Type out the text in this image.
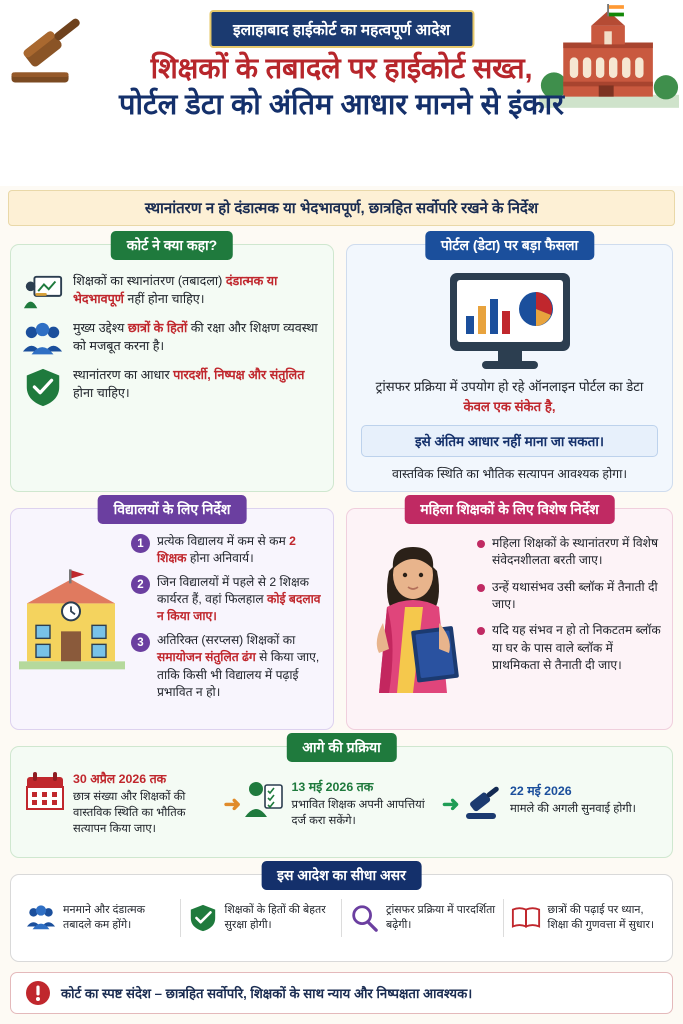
इलाहाबाद हाईकोर्ट का महत्वपूर्ण आदेश
शिक्षकों के तबादले पर हाईकोर्ट सख्त,
पोर्टल डेटा को अंतिम आधार मानने से इंकार
स्थानांतरण न हो दंडात्मक या भेदभावपूर्ण, छात्रहित सर्वोपरि रखने के निर्देश
कोर्ट ने क्या कहा?
शिक्षकों का स्थानांतरण (तबादला) दंडात्मक या भेदभावपूर्ण नहीं होना चाहिए।
मुख्य उद्देश्य छात्रों के हितों की रक्षा और शिक्षण व्यवस्था को मजबूत करना है।
स्थानांतरण का आधार पारदर्शी, निष्पक्ष और संतुलित होना चाहिए।
पोर्टल (डेटा) पर बड़ा फैसला
ट्रांसफर प्रक्रिया में उपयोग हो रहे ऑनलाइन पोर्टल का डेटा केवल एक संकेत है,
इसे अंतिम आधार नहीं माना जा सकता।
वास्तविक स्थिति का भौतिक सत्यापन आवश्यक होगा।
विद्यालयों के लिए निर्देश
1	प्रत्येक विद्यालय में कम से कम 2 शिक्षक होना अनिवार्य।
2	जिन विद्यालयों में पहले से 2 शिक्षक कार्यरत हैं, वहां फिलहाल कोई बदलाव न किया जाए।
3	अतिरिक्त (सरप्लस) शिक्षकों का समायोजन संतुलित ढंग से किया जाए, ताकि किसी भी विद्यालय में पढ़ाई प्रभावित न हो।
महिला शिक्षकों के लिए विशेष निर्देश
महिला शिक्षकों के स्थानांतरण में विशेष संवेदनशीलता बरती जाए।
उन्हें यथासंभव उसी ब्लॉक में तैनाती दी जाए।
यदि यह संभव न हो तो निकटतम ब्लॉक या घर के पास वाले ब्लॉक में प्राथमिकता से तैनाती दी जाए।
आगे की प्रक्रिया
30 अप्रैल 2026 तक
छात्र संख्या और शिक्षकों की वास्तविक स्थिति का भौतिक सत्यापन किया जाए।
➜
13 मई 2026 तक
प्रभावित शिक्षक अपनी आपत्तियां दर्ज करा सकेंगे।
➜
22 मई 2026
मामले की अगली सुनवाई होगी।
इस आदेश का सीधा असर
मनमाने और दंडात्मक तबादले कम होंगे।
शिक्षकों के हितों की बेहतर सुरक्षा होगी।
ट्रांसफर प्रक्रिया में पारदर्शिता बढ़ेगी।
छात्रों की पढ़ाई पर ध्यान, शिक्षा की गुणवत्ता में सुधार।
कोर्ट का स्पष्ट संदेश – छात्रहित सर्वोपरि, शिक्षकों के साथ न्याय और निष्पक्षता आवश्यक।
